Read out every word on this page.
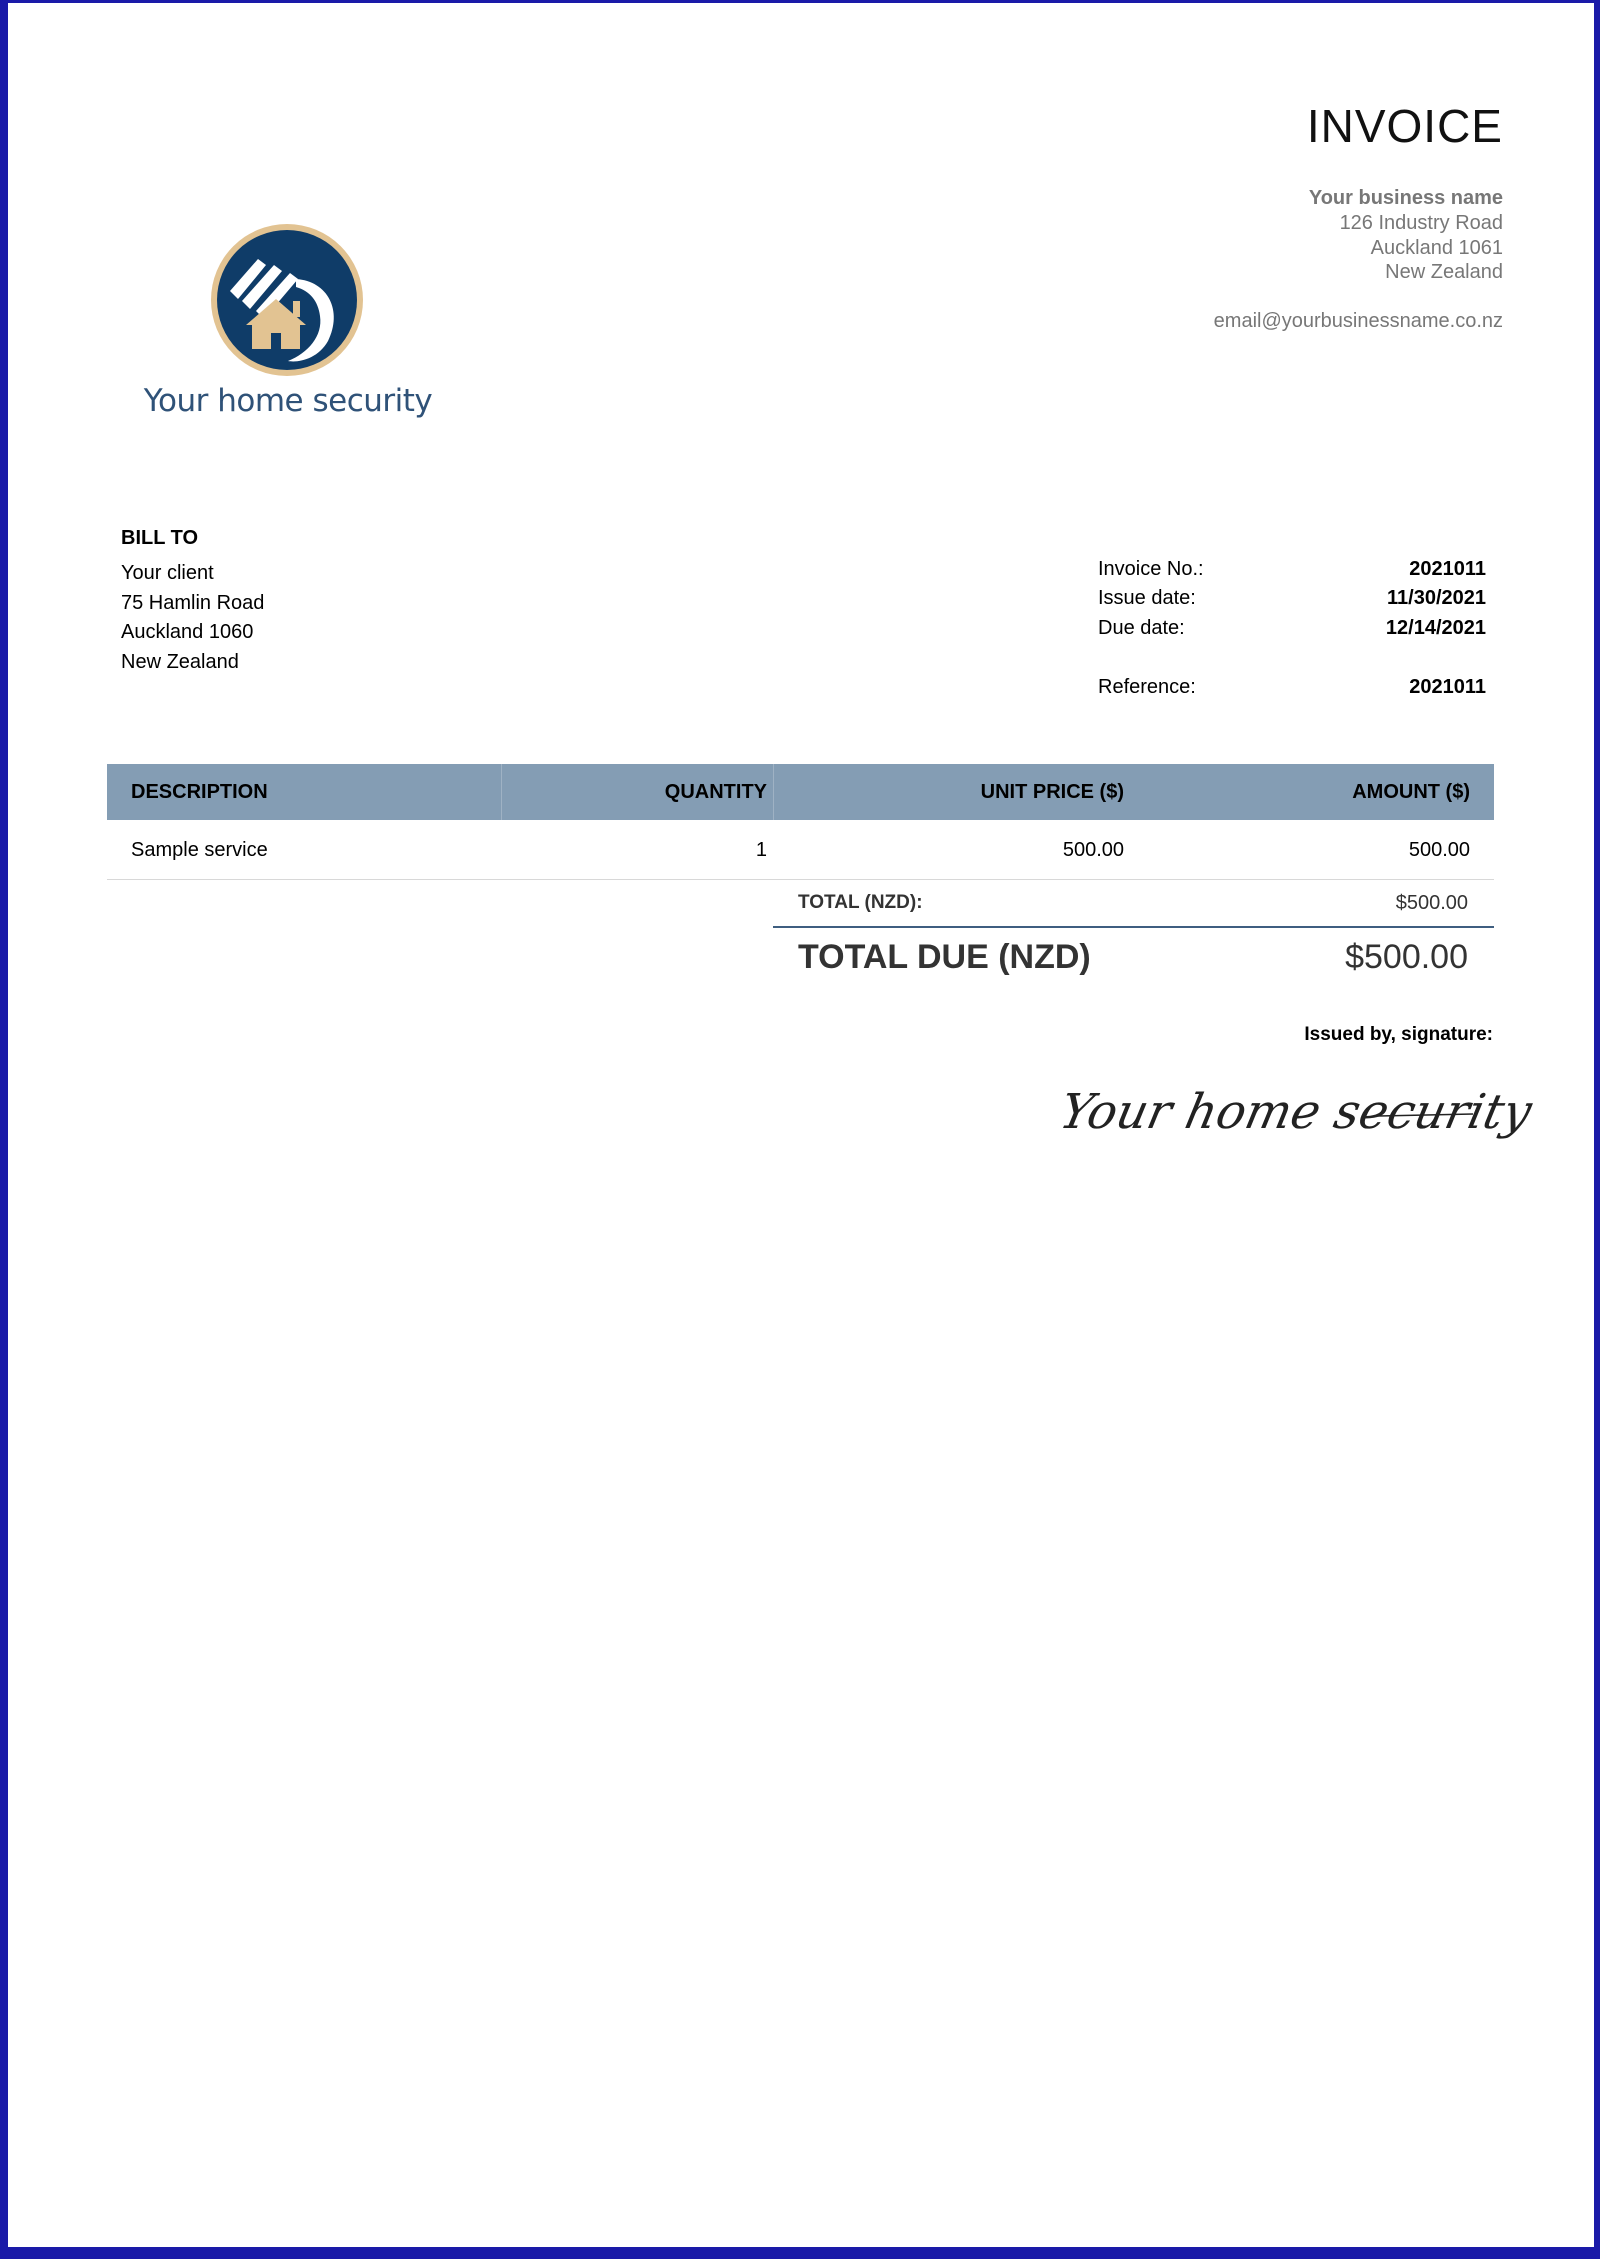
INVOICE
Your business name
126 Industry Road
Auckland 1061
New Zealand
email@yourbusinessname.co.nz
Your home security
BILL TO
Your client
75 Hamlin Road
Auckland 1060
New Zealand
Invoice No.:	2021011
Issue date:	11/30/2021
Due date:	12/14/2021
Reference:	2021011
DESCRIPTION	QUANTITY	UNIT PRICE ($)	AMOUNT ($)
Sample service	1	500.00	500.00
TOTAL (NZD):	$500.00
TOTAL DUE (NZD)	$500.00
Issued by, signature:
Your home security
